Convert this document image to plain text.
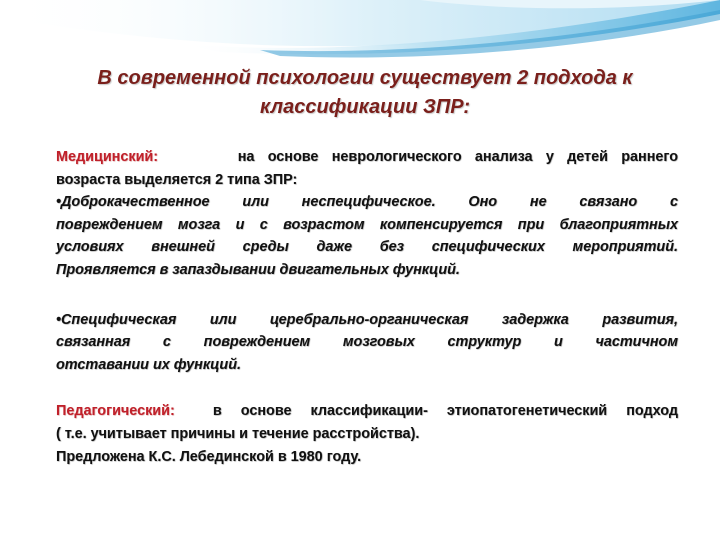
В современной психологии существует 2 подхода к
классификации ЗПР:

Медицинский:	на основе неврологического анализа у детей раннего

возраста выделяется 2 типа ЗПР:

•Доброкачественное или неспецифическое. Оно не связано с

повреждением мозга и с возрастом компенсируется при благоприятных

условиях внешней среды даже без специфических мероприятий.

Проявляется в запаздывании двигательных функций.

•Специфическая или церебрально-органическая задержка развития,

связанная с повреждением мозговых структур и частичном

отставании их функций.

Педагогический:	в основе классификации- этиопатогенетический подход

( т.е. учитывает причины и течение расстройства).

Предложена К.С. Лебединской в 1980 году.
